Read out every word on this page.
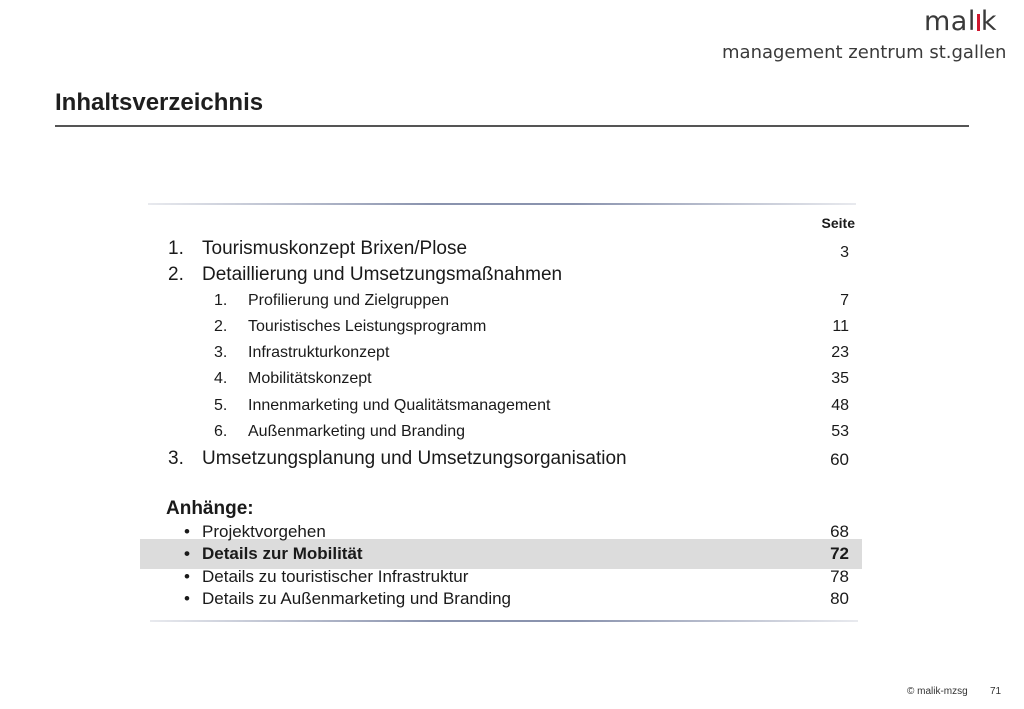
mal k
management zentrum st.gallen
Inhaltsverzeichnis
Seite
1. Tourismuskonzept Brixen/Plose	3
2. Detaillierung und Umsetzungsmaßnahmen
1. Profilierung und Zielgruppen	7
2. Touristisches Leistungsprogramm	11
3. Infrastrukturkonzept	23
4. Mobilitätskonzept	35
5. Innenmarketing und Qualitätsmanagement	48
6. Außenmarketing und Branding	53
3. Umsetzungsplanung und Umsetzungsorganisation	60
Anhänge:
• Projektvorgehen	68
• Details zur Mobilität	72
• Details zu touristischer Infrastruktur	78
• Details zu Außenmarketing und Branding	80
© malik-mzsg 71
